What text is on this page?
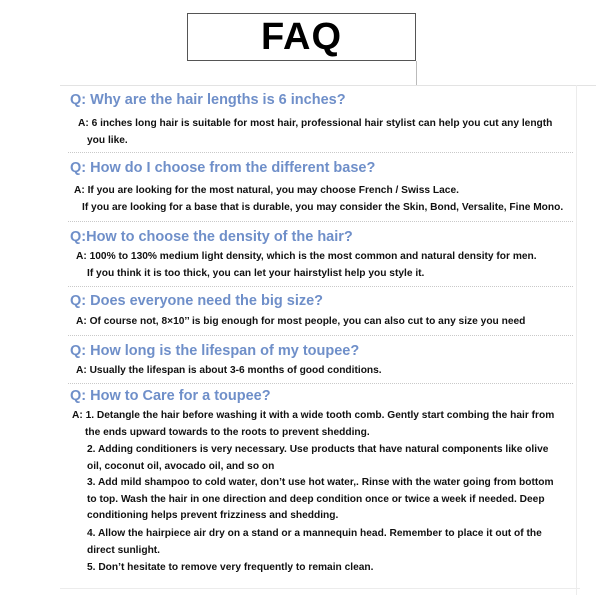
FAQ
Q: Why are the hair lengths is 6 inches?
A: 6 inches long hair is suitable for most hair, professional hair stylist can help you cut any length
you like.
Q: How do I choose from the different base?
A: If you are looking for the most natural, you may choose French / Swiss Lace.
If you are looking for a base that is durable, you may consider the Skin, Bond, Versalite, Fine Mono.
Q:How to choose the density of the hair?
A: 100% to 130% medium light density, which is the most common and natural density for men.
If you think it is too thick, you can let your hairstylist help you style it.
Q: Does everyone need the big size?
A: Of course not, 8×10’’ is big enough for most people, you can also cut to any size you need
Q: How long is the lifespan of my toupee?
A: Usually the lifespan is about 3-6 months of good conditions.
Q: How to Care for a toupee?
A: 1. Detangle the hair before washing it with a wide tooth comb. Gently start combing the hair from
the ends upward towards to the roots to prevent shedding.
2. Adding conditioners is very necessary. Use products that have natural components like olive
oil, coconut oil, avocado oil, and so on
3. Add mild shampoo to cold water, don’t use hot water,. Rinse with the water going from bottom
to top. Wash the hair in one direction and deep condition once or twice a week if needed. Deep
conditioning helps prevent frizziness and shedding.
4. Allow the hairpiece air dry on a stand or a mannequin head. Remember to place it out of the
direct sunlight.
5. Don’t hesitate to remove very frequently to remain clean.
